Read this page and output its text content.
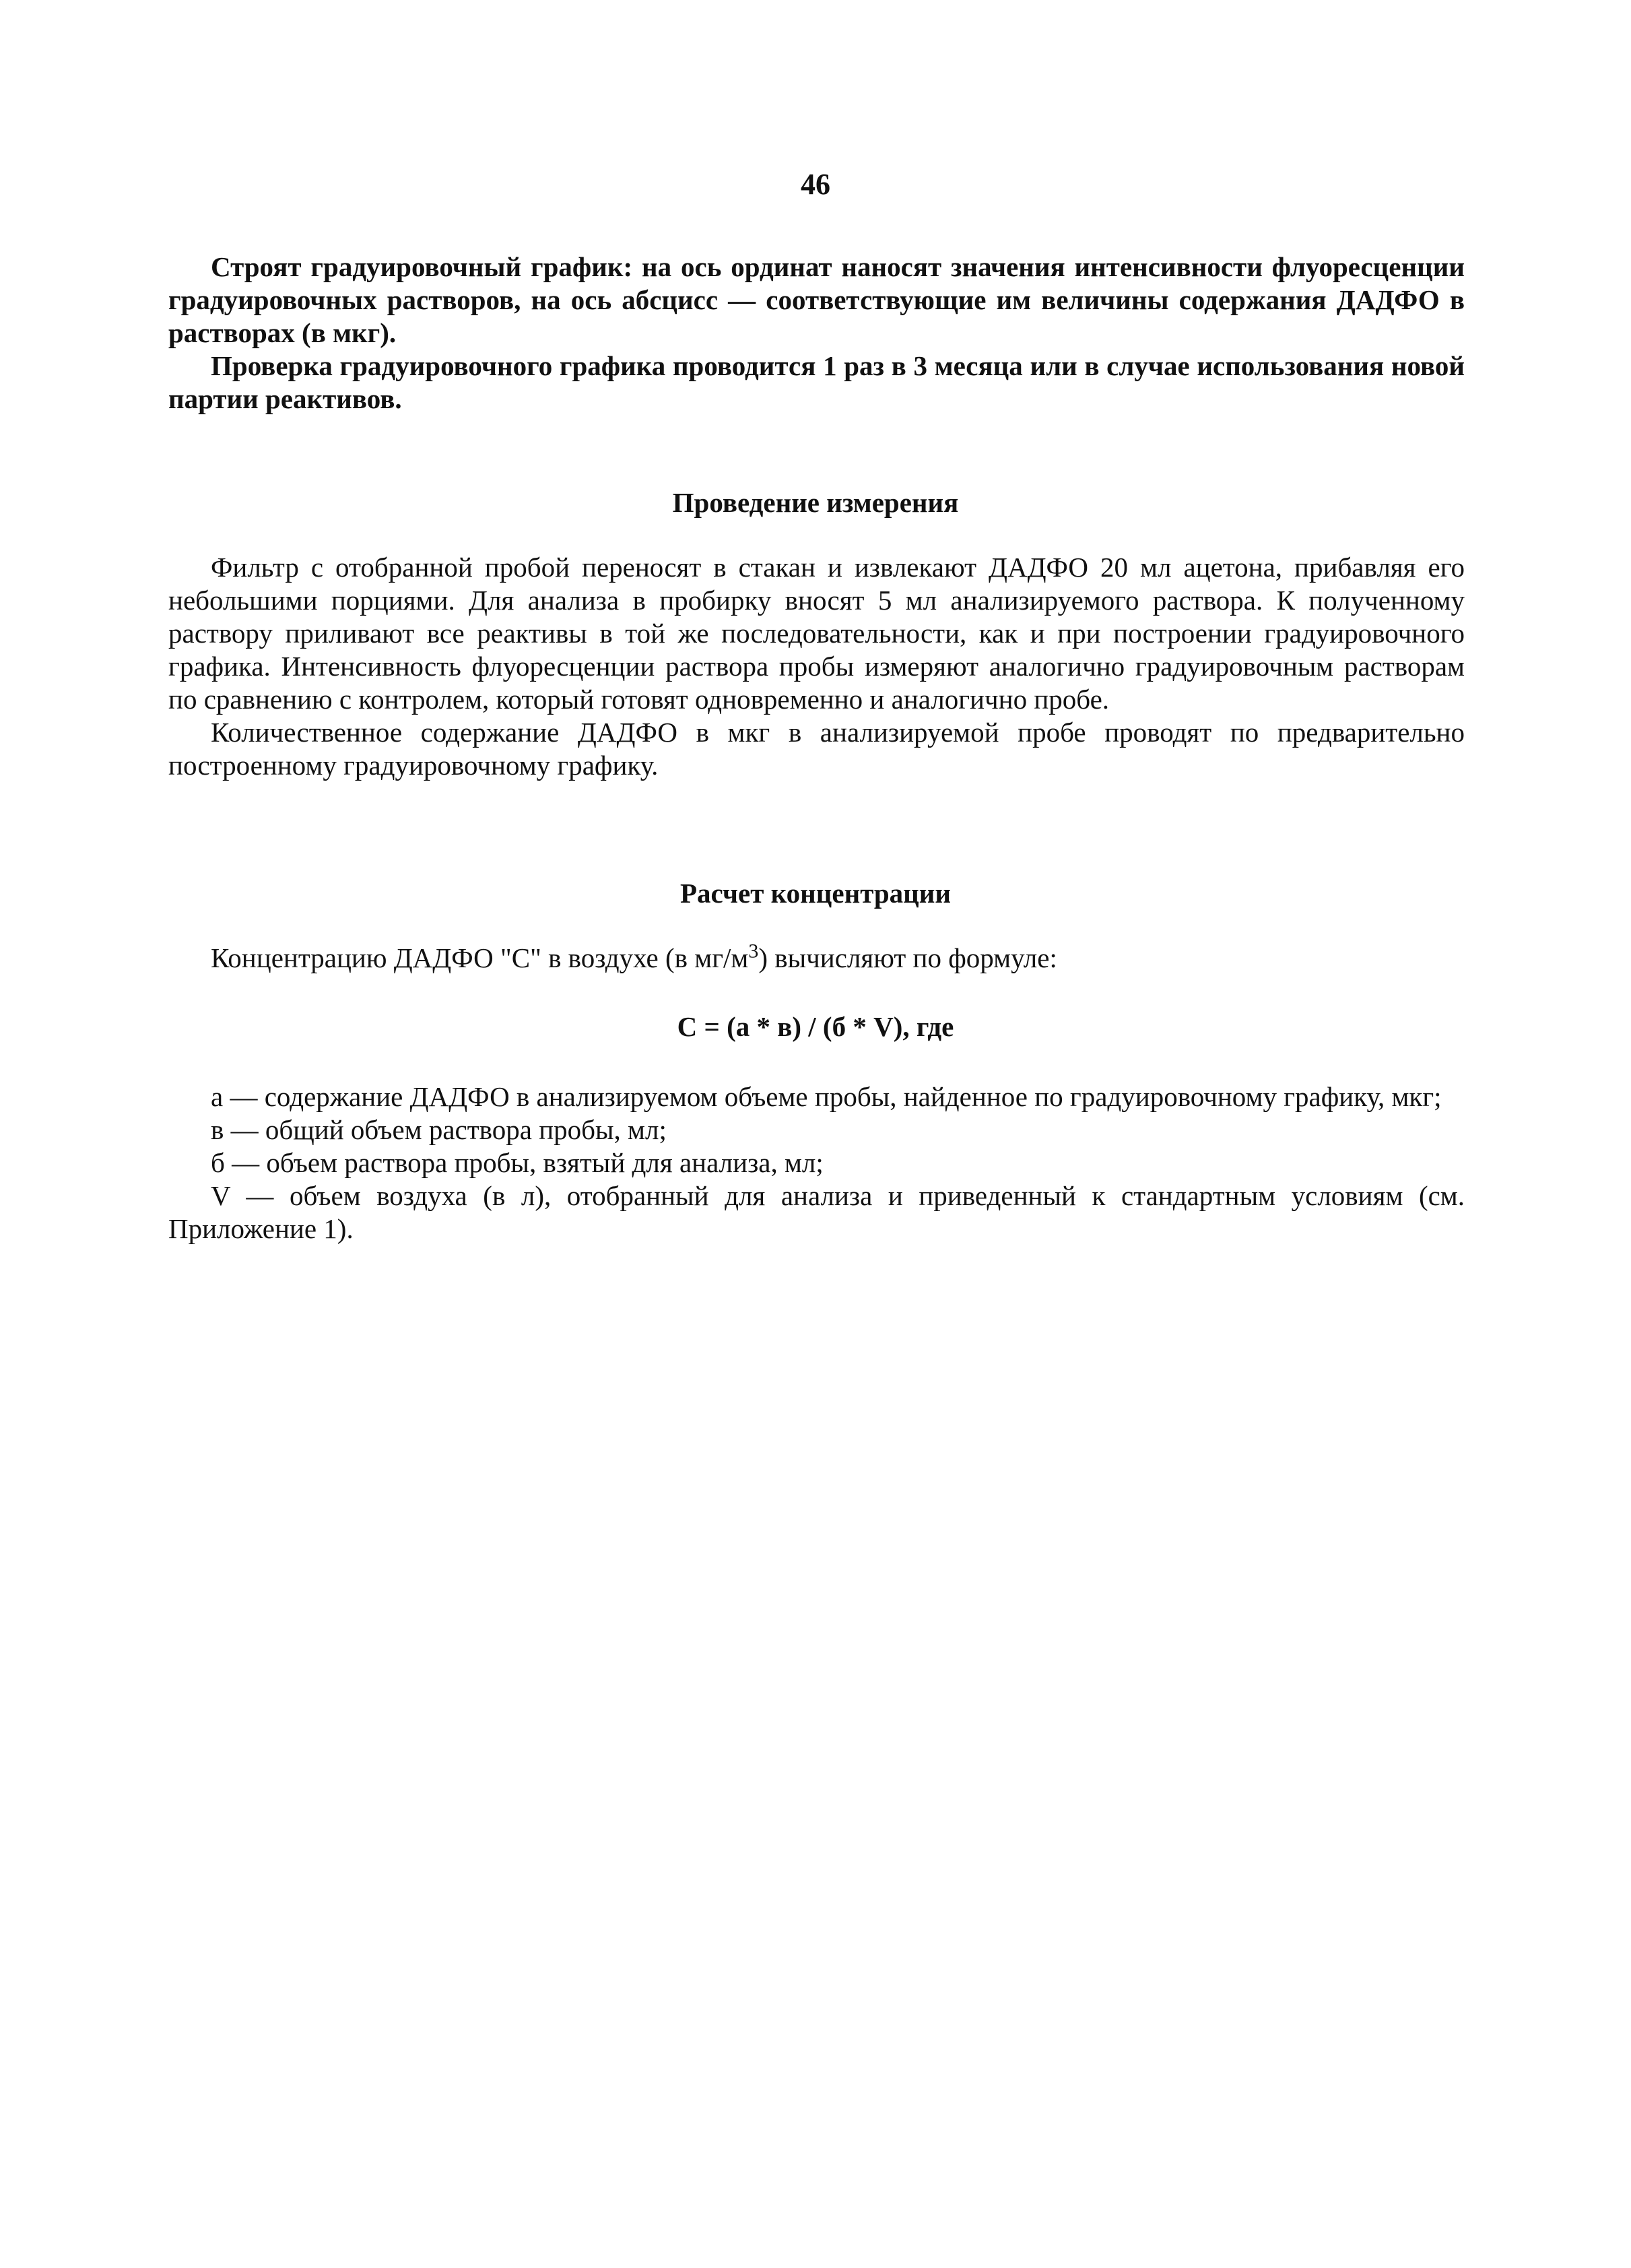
46

Строят градуировочный график: на ось ординат наносят значения интенсивности флуоресценции градуировочных растворов, на ось абсцисс — соответствующие им величины содержания ДАДФО в растворах (в мкг).

Проверка градуировочного графика проводится 1 раз в 3 месяца или в случае использования новой партии реактивов.

Проведение измерения

Фильтр с отобранной пробой переносят в стакан и извлекают ДАДФО 20 мл ацетона, прибавляя его небольшими порциями. Для анализа в пробирку вносят 5 мл анализируемого раствора. К полученному раствору приливают все реактивы в той же последовательности, как и при построении градуировочного графика. Интенсивность флуоресценции раствора пробы измеряют аналогично градуировочным растворам по сравнению с контролем, который готовят одновременно и аналогично пробе.

Количественное содержание ДАДФО в мкг в анализируемой пробе проводят по предварительно построенному градуировочному графику.

Расчет концентрации
Концентрацию ДАДФО "С" в воздухе (в $мг/м^3$) вычисляют по формуле:
С = (а * в) / (б * V), где

а — содержание ДАДФО в анализируемом объеме пробы, найденное по градуировочному графику, мкг;

в — общий объем раствора пробы, мл;

б — объем раствора пробы, взятый для анализа, мл;

V — объем воздуха (в л), отобранный для анализа и приведенный к стандартным условиям (см. Приложение 1).
